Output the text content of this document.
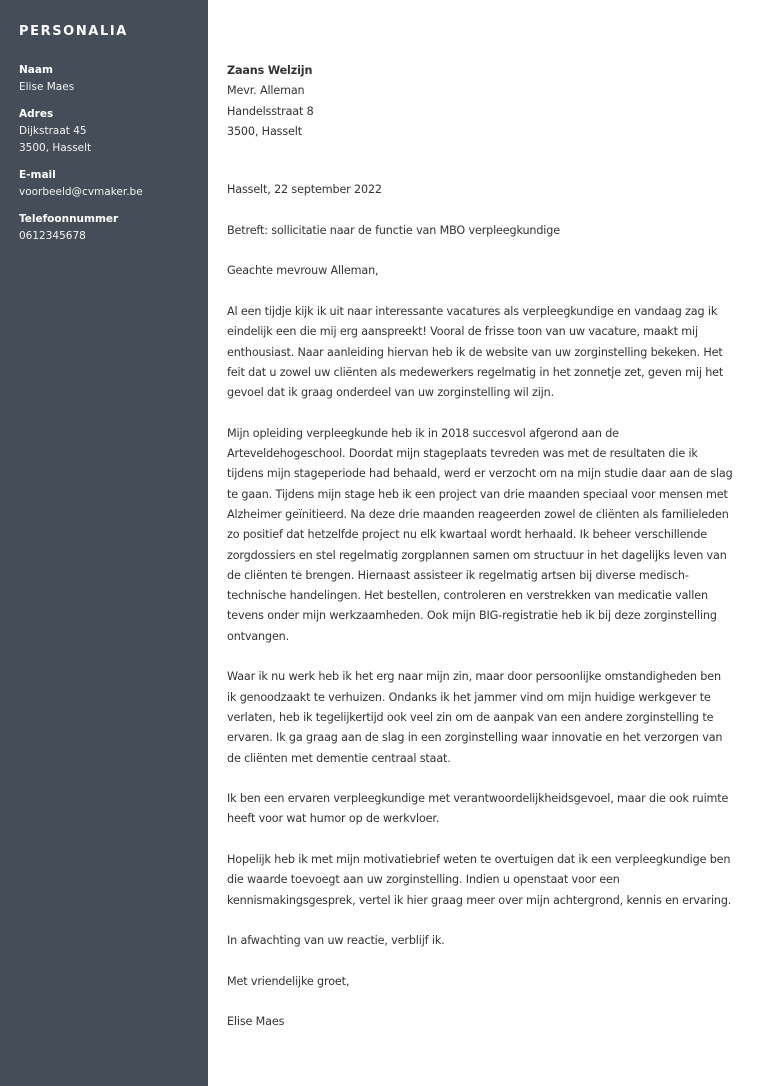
PERSONALIA
Naam
Elise Maes
Adres
Dijkstraat 45
3500, Hasselt
E-mail
voorbeeld@cvmaker.be
Telefoonnummer
0612345678
Zaans Welzijn
Mevr. Alleman
Handelsstraat 8
3500, Hasselt
Hasselt, 22 september 2022
Betreft: sollicitatie naar de functie van MBO verpleegkundige
Geachte mevrouw Alleman,

Al een tijdje kijk ik uit naar interessante vacatures als verpleegkundige en vandaag zag ik eindelijk een die mij erg aanspreekt! Vooral de frisse toon van uw vacature, maakt mij enthousiast. Naar aanleiding hiervan heb ik de website van uw zorginstelling bekeken. Het feit dat u zowel uw cliënten als medewerkers regelmatig in het zonnetje zet, geven mij het gevoel dat ik graag onderdeel van uw zorginstelling wil zijn.

Mijn opleiding verpleegkunde heb ik in 2018 succesvol afgerond aan de Arteveldehogeschool. Doordat mijn stageplaats tevreden was met de resultaten die ik tijdens mijn stageperiode had behaald, werd er verzocht om na mijn studie daar aan de slag te gaan. Tijdens mijn stage heb ik een project van drie maanden speciaal voor mensen met Alzheimer geïnitieerd. Na deze drie maanden reageerden zowel de cliënten als familieleden zo positief dat hetzelfde project nu elk kwartaal wordt herhaald. Ik beheer verschillende zorgdossiers en stel regelmatig zorgplannen samen om structuur in het dagelijks leven van de cliënten te brengen. Hiernaast assisteer ik regelmatig artsen bij diverse medisch-technische handelingen. Het bestellen, controleren en verstrekken van medicatie vallen tevens onder mijn werkzaamheden. Ook mijn BIG-registratie heb ik bij deze zorginstelling ontvangen.

Waar ik nu werk heb ik het erg naar mijn zin, maar door persoonlijke omstandigheden ben ik genoodzaakt te verhuizen. Ondanks ik het jammer vind om mijn huidige werkgever te verlaten, heb ik tegelijkertijd ook veel zin om de aanpak van een andere zorginstelling te ervaren. Ik ga graag aan de slag in een zorginstelling waar innovatie en het verzorgen van de cliënten met dementie centraal staat.

Ik ben een ervaren verpleegkundige met verantwoordelijkheidsgevoel, maar die ook ruimte heeft voor wat humor op de werkvloer.

Hopelijk heb ik met mijn motivatiebrief weten te overtuigen dat ik een verpleegkundige ben die waarde toevoegt aan uw zorginstelling. Indien u openstaat voor een kennismakingsgesprek, vertel ik hier graag meer over mijn achtergrond, kennis en ervaring.

In afwachting van uw reactie, verblijf ik.

Met vriendelijke groet,
Elise Maes
